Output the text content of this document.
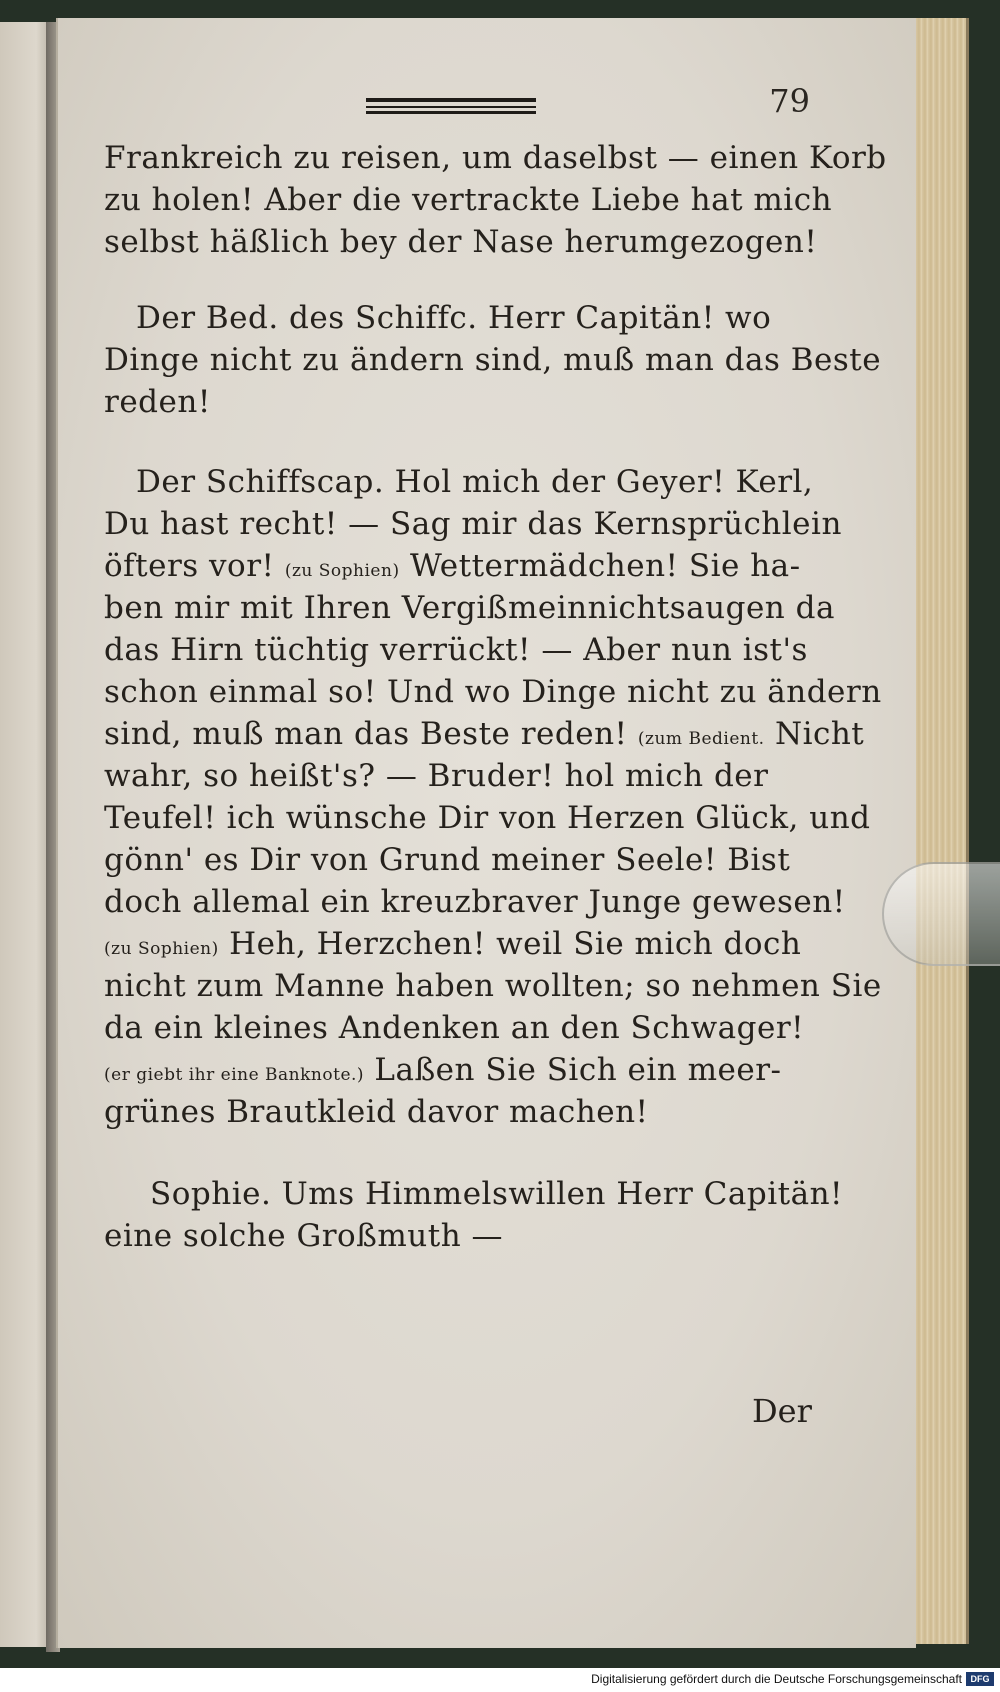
79
Frankreich zu reisen, um daselbst — einen Korb
zu holen! Aber die vertrackte Liebe hat mich
selbst häßlich bey der Nase herumgezogen!
Der Bed. des Schiffc. Herr Capitän! wo
Dinge nicht zu ändern sind, muß man das Beste
reden!
Der Schiffscap. Hol mich der Geyer! Kerl,
Du hast recht! — Sag mir das Kernsprüchlein
öfters vor! (zu Sophien) Wettermädchen! Sie ha-
ben mir mit Ihren Vergißmeinnichtsaugen da
das Hirn tüchtig verrückt! — Aber nun ist's
schon einmal so! Und wo Dinge nicht zu ändern
sind, muß man das Beste reden! (zum Bedient. Nicht
wahr, so heißt's? — Bruder! hol mich der
Teufel! ich wünsche Dir von Herzen Glück, und
gönn' es Dir von Grund meiner Seele! Bist
doch allemal ein kreuzbraver Junge gewesen!
(zu Sophien) Heh, Herzchen! weil Sie mich doch
nicht zum Manne haben wollten; so nehmen Sie
da ein kleines Andenken an den Schwager!
(er giebt ihr eine Banknote.) Laßen Sie Sich ein meer-
grünes Brautkleid davor machen!
Sophie. Ums Himmelswillen Herr Capitän!
eine solche Großmuth —
Der
Digitalisierung gefördert durch die Deutsche Forschungsgemeinschaft DFG
